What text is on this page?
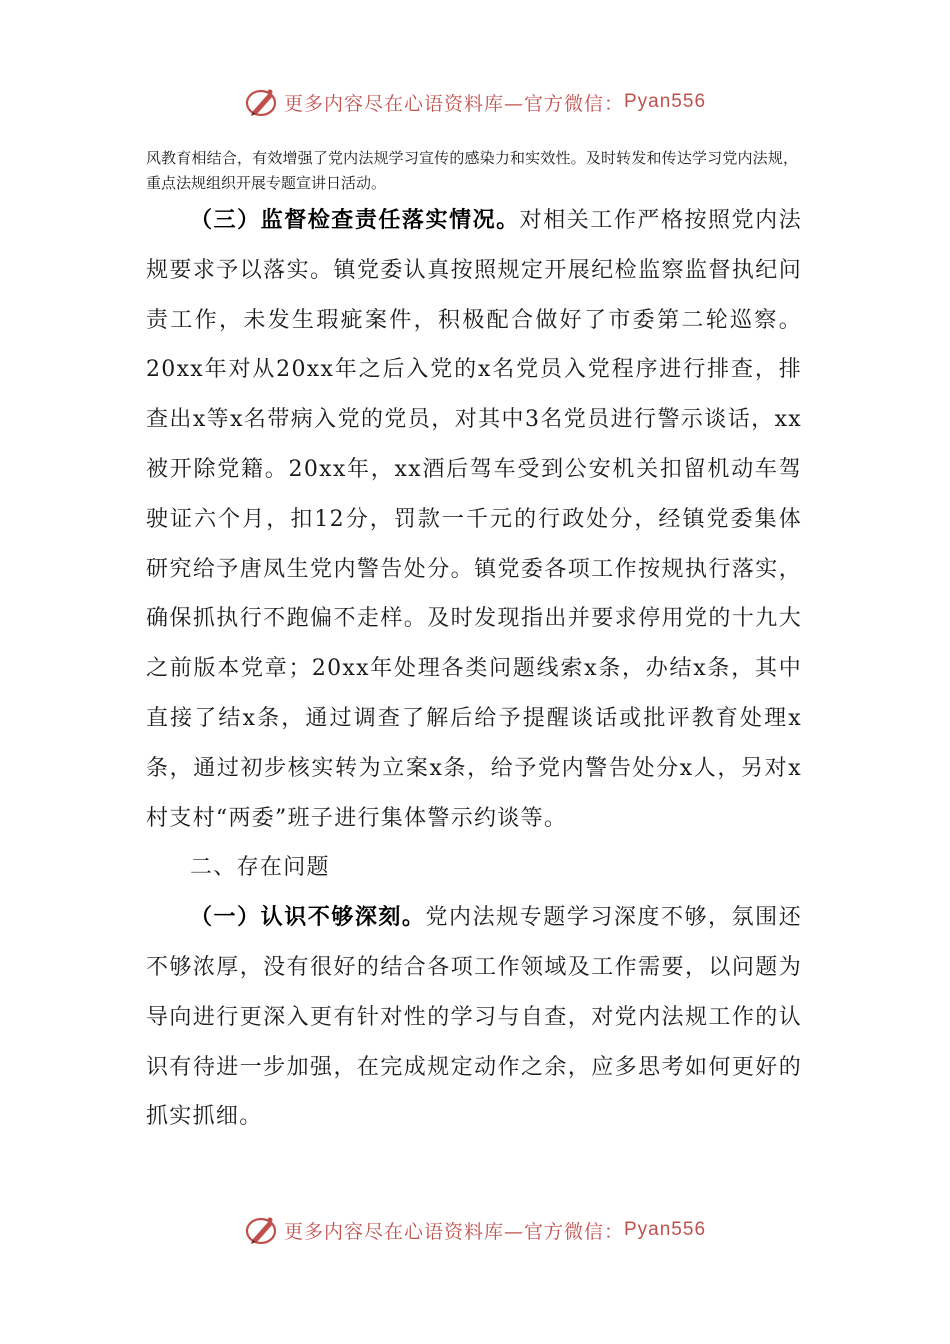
更多内容尽在心语资料库—官方微信： Pyan556
风教育相结合，有效增强了党内法规学习宣传的感染力和实效性。及时转发和传达学习党内法规，重点法规组织开展专题宣讲日活动。

（三）监督检查责任落实情况。对相关工作严格按照党内法规要求予以落实。镇党委认真按照规定开展纪检监察监督执纪问责工作，未发生瑕疵案件，积极配合做好了市委第二轮巡察。20xx年对从20xx年之后入党的x名党员入党程序进行排查，排查出x等x名带病入党的党员，对其中3名党员进行警示谈话，xx被开除党籍。20xx年，xx酒后驾车受到公安机关扣留机动车驾驶证六个月，扣12分，罚款一千元的行政处分，经镇党委集体研究给予唐凤生党内警告处分。镇党委各项工作按规执行落实，确保抓执行不跑偏不走样。及时发现指出并要求停用党的十九大之前版本党章；20xx年处理各类问题线索x条，办结x条，其中直接了结x条，通过调查了解后给予提醒谈话或批评教育处理x条，通过初步核实转为立案x条，给予党内警告处分x人，另对x村支村“两委”班子进行集体警示约谈等。

二、存在问题

（一）认识不够深刻。党内法规专题学习深度不够，氛围还不够浓厚，没有很好的结合各项工作领域及工作需要，以问题为导向进行更深入更有针对性的学习与自查，对党内法规工作的认识有待进一步加强，在完成规定动作之余，应多思考如何更好的抓实抓细。

更多内容尽在心语资料库—官方微信： Pyan556
